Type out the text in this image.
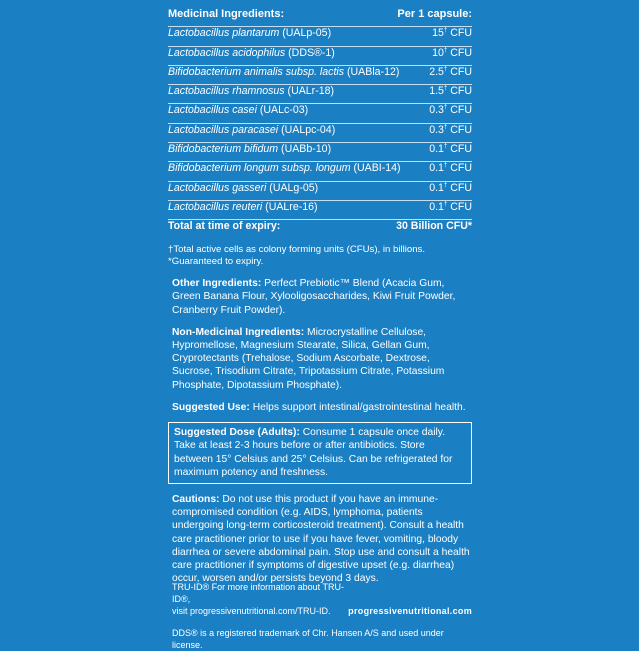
Medicinal Ingredients:	Per 1 capsule:
Lactobacillus plantarum (UALp-05)	15† CFU
Lactobacillus acidophilus (DDS®-1)	10† CFU
Bifidobacterium animalis subsp. lactis (UABla-12)	2.5† CFU
Lactobacillus rhamnosus (UALr-18)	1.5† CFU
Lactobacillus casei (UALc-03)	0.3† CFU
Lactobacillus paracasei (UALpc-04)	0.3† CFU
Bifidobacterium bifidum (UABb-10)	0.1† CFU
Bifidobacterium longum subsp. longum (UABI-14)	0.1† CFU
Lactobacillus gasseri (UALg-05)	0.1† CFU
Lactobacillus reuteri (UALre-16)	0.1† CFU
Total at time of expiry:	30 Billion CFU*
†Total active cells as colony forming units (CFUs), in billions.
*Guaranteed to expiry.
Other Ingredients: Perfect Prebiotic™ Blend (Acacia Gum, Green Banana Flour, Xylooligosaccharides, Kiwi Fruit Powder, Cranberry Fruit Powder).
Non-Medicinal Ingredients: Microcrystalline Cellulose, Hypromellose, Magnesium Stearate, Silica, Gellan Gum, Cryprotectants (Trehalose, Sodium Ascorbate, Dextrose, Sucrose, Trisodium Citrate, Tripotassium Citrate, Potassium Phosphate, Dipotassium Phosphate).
Suggested Use: Helps support intestinal/gastrointestinal health.
Suggested Dose (Adults): Consume 1 capsule once daily. Take at least 2-3 hours before or after antibiotics. Store between 15° Celsius and 25° Celsius. Can be refrigerated for maximum potency and freshness.
Cautions: Do not use this product if you have an immune-compromised condition (e.g. AIDS, lymphoma, patients undergoing long-term corticosteroid treatment). Consult a health care practitioner prior to use if you have fever, vomiting, bloody diarrhea or severe abdominal pain. Stop use and consult a health care practitioner if symptoms of digestive upset (e.g. diarrhea) occur, worsen and/or persists beyond 3 days.
TRU-ID® For more information about TRU-ID®,
visit progressivenutritional.com/TRU-ID.	progressivenutritional.com
DDS® is a registered trademark of Chr. Hansen A/S and used under license.
